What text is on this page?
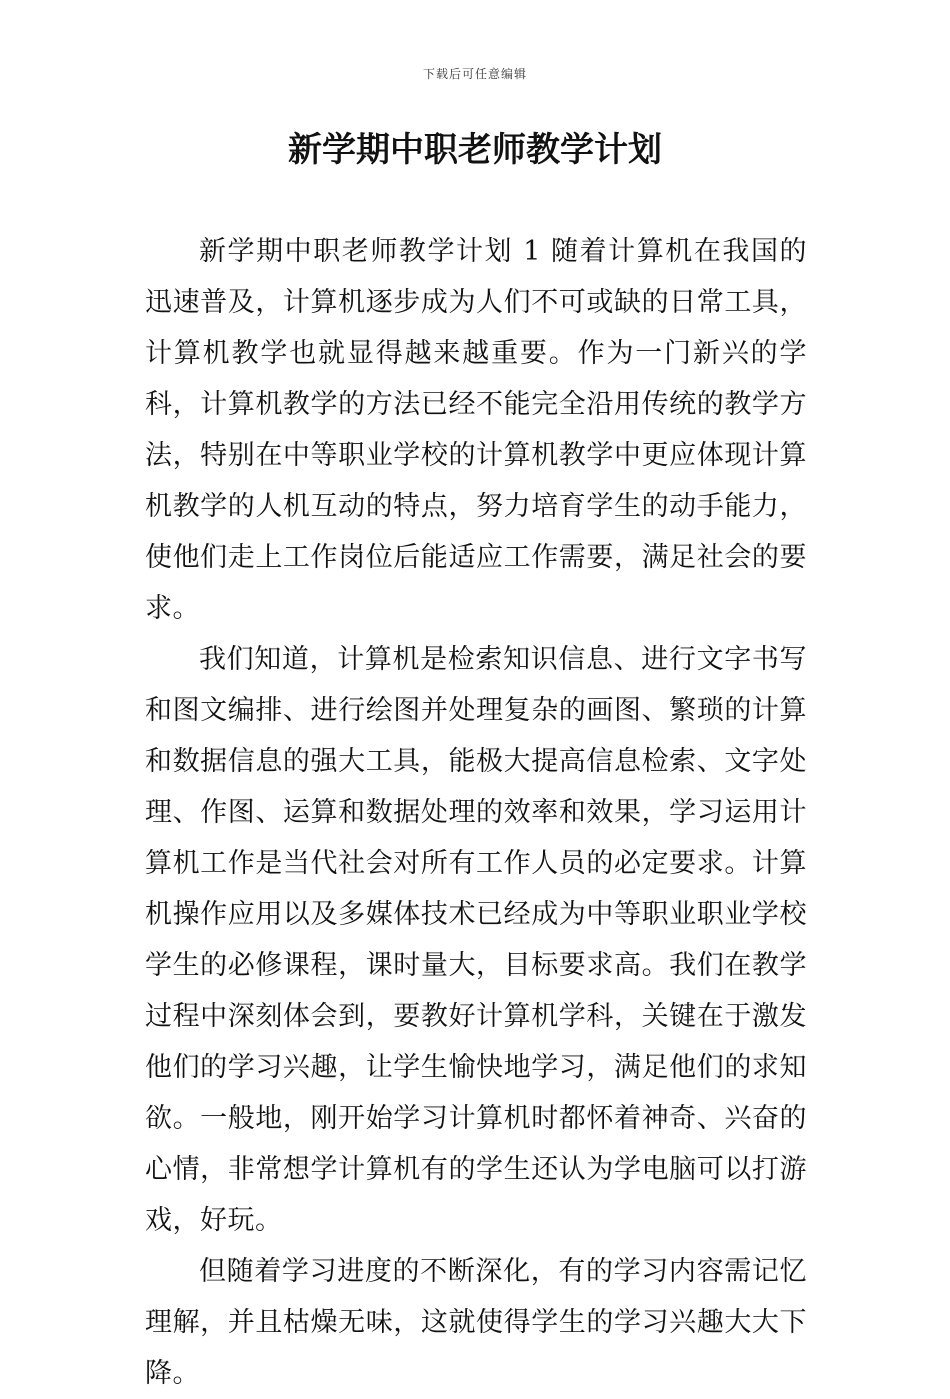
下载后可任意编辑
新学期中职老师教学计划

新学期中职老师教学计划 1 随着计算机在我国的迅速普及，计算机逐步成为人们不可或缺的日常工具，计算机教学也就显得越来越重要。作为一门新兴的学科，计算机教学的方法已经不能完全沿用传统的教学方法，特别在中等职业学校的计算机教学中更应体现计算机教学的人机互动的特点，努力培育学生的动手能力，使他们走上工作岗位后能适应工作需要，满足社会的要求。

我们知道，计算机是检索知识信息、进行文字书写和图文编排、进行绘图并处理复杂的画图、繁琐的计算和数据信息的强大工具，能极大提高信息检索、文字处理、作图、运算和数据处理的效率和效果，学习运用计算机工作是当代社会对所有工作人员的必定要求。计算机操作应用以及多媒体技术已经成为中等职业职业学校学生的必修课程，课时量大，目标要求高。我们在教学过程中深刻体会到，要教好计算机学科，关键在于激发他们的学习兴趣，让学生愉快地学习，满足他们的求知欲。一般地，刚开始学习计算机时都怀着神奇、兴奋的心情，非常想学计算机有的学生还认为学电脑可以打游戏，好玩。

但随着学习进度的不断深化，有的学习内容需记忆理解，并且枯燥无味，这就使得学生的学习兴趣大大下降。
